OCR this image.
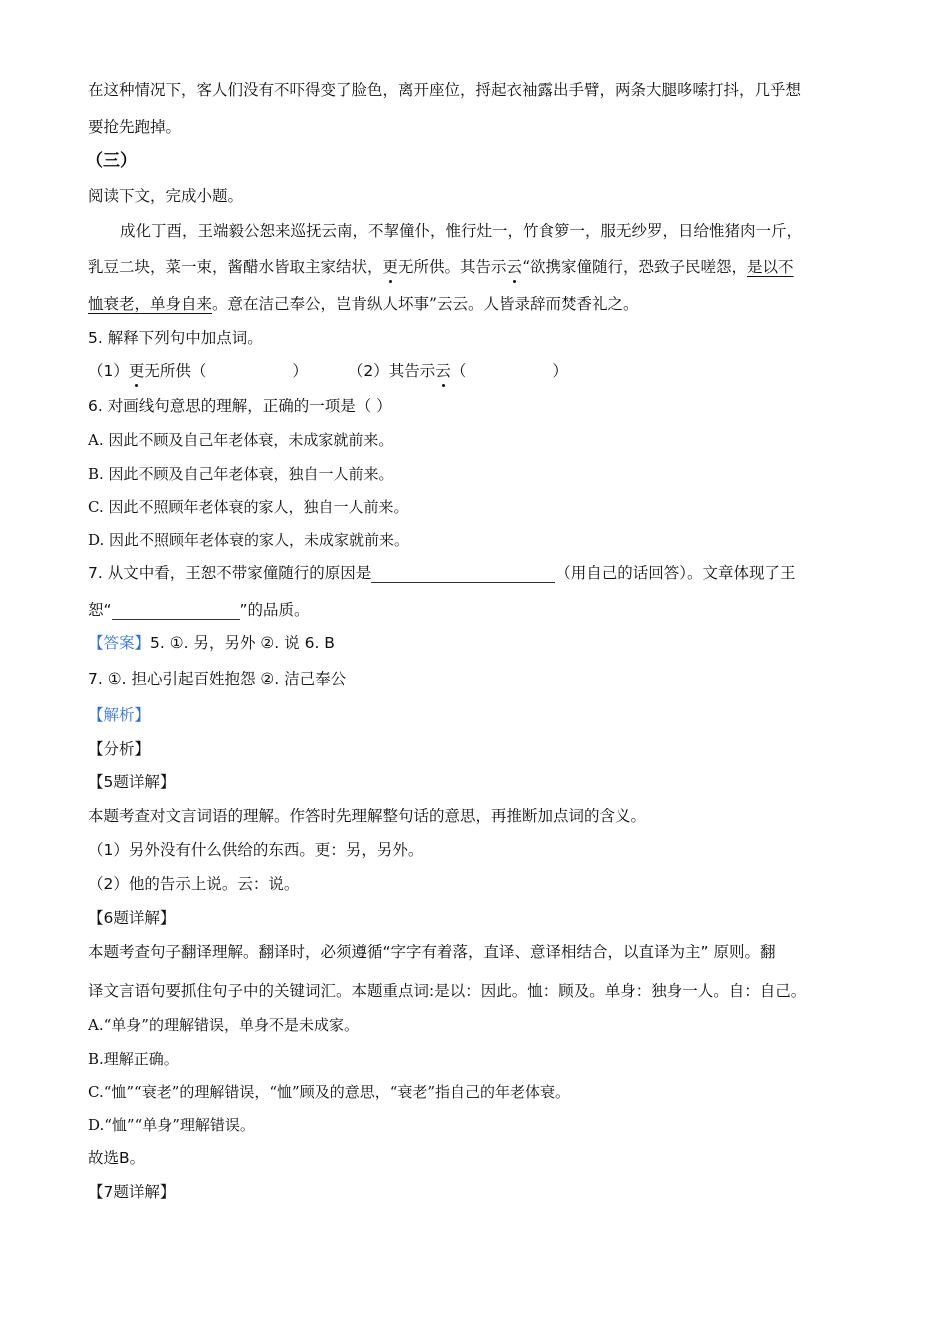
在这种情况下，客人们没有不吓得变了脸色，离开座位，捋起衣袖露出手臂，两条大腿哆嗦打抖，几乎想
要抢先跑掉。
（三）
阅读下文，完成小题。
成化丁酉，王端毅公恕来巡抚云南，不挈僮仆，惟行灶一，竹食箩一，服无纱罗，日给惟猪肉一斤，
乳豆二块，菜一束，酱醋水皆取主家结状，更无所供。其告示云“欲携家僮随行，恐致子民嗟怨，是以不
恤衰老，单身自来。意在洁己奉公，岂肯纵人坏事”云云。人皆录辞而焚香礼之。
5. 解释下列句中加点词。
（1）更无所供（	）	（2）其告示云（	）
6. 对画线句意思的理解，正确的一项是（ ）
A. 因此不顾及自己年老体衰，未成家就前来。
B. 因此不顾及自己年老体衰，独自一人前来。
C. 因此不照顾年老体衰的家人，独自一人前来。
D. 因此不照顾年老体衰的家人，未成家就前来。
7. 从文中看，王恕不带家僮随行的原因是	（用自己的话回答）。文章体现了王
恕“	”的品质。
【答案】5. ①. 另，另外 ②. 说 6. B
7. ①. 担心引起百姓抱怨 ②. 洁己奉公
【解析】
【分析】
【5题详解】
本题考查对文言词语的理解。作答时先理解整句话的意思，再推断加点词的含义。
（1）另外没有什么供给的东西。更：另，另外。
（2）他的告示上说。云：说。
【6题详解】
本题考查句子翻译理解。翻译时，必须遵循“字字有着落，直译、意译相结合，以直译为主” 原则。翻
译文言语句要抓住句子中的关键词汇。本题重点词:是以：因此。恤：顾及。单身：独身一人。自：自己。
A.“单身”的理解错误，单身不是未成家。
B.理解正确。
C.“恤”“衰老”的理解错误，“恤”顾及的意思，“衰老”指自己的年老体衰。
D.“恤”“单身”理解错误。
故选B。
【7题详解】
